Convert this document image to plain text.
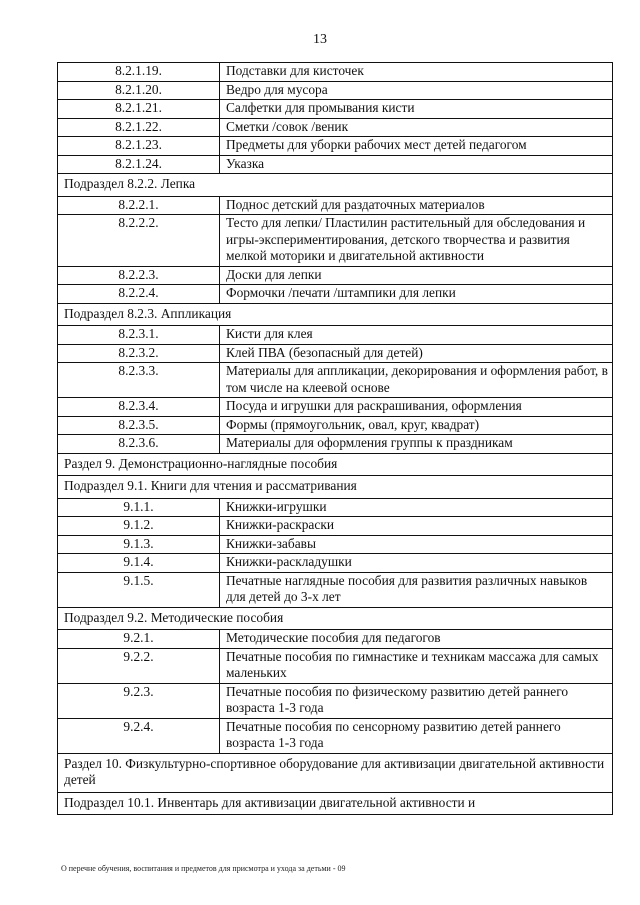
13
8.2.1.19.	Подставки для кисточек
8.2.1.20.	Ведро для мусора
8.2.1.21.	Салфетки для промывания кисти
8.2.1.22.	Сметки /совок /веник
8.2.1.23.	Предметы для уборки рабочих мест детей педагогом
8.2.1.24.	Указка
Подраздел 8.2.2. Лепка	
8.2.2.1.	Поднос детский для раздаточных материалов
8.2.2.2.	Тесто для лепки/ Пластилин растительный для обследования и игры-экспериментирования, детского творчества и развития мелкой моторики и двигательной активности
8.2.2.3.	Доски для лепки
8.2.2.4.	Формочки /печати /штампики для лепки
Подраздел 8.2.3. Аппликация	
8.2.3.1.	Кисти для клея
8.2.3.2.	Клей ПВА (безопасный для детей)
8.2.3.3.	Материалы для аппликации, декорирования и оформления работ, в том числе на клеевой основе
8.2.3.4.	Посуда и игрушки для раскрашивания, оформления
8.2.3.5.	Формы (прямоугольник, овал, круг, квадрат)
8.2.3.6.	Материалы для оформления группы к праздникам
Раздел 9. Демонстрационно-наглядные пособия	
Подраздел 9.1. Книги для чтения и рассматривания	
9.1.1.	Книжки-игрушки
9.1.2.	Книжки-раскраски
9.1.3.	Книжки-забавы
9.1.4.	Книжки-раскладушки
9.1.5.	Печатные наглядные пособия для развития различных навыков для детей до 3-х лет
Подраздел 9.2. Методические пособия	
9.2.1.	Методические пособия для педагогов
9.2.2.	Печатные пособия по гимнастике и техникам массажа для самых маленьких
9.2.3.	Печатные пособия по физическому развитию детей раннего возраста 1-3 года
9.2.4.	Печатные пособия по сенсорному развитию детей раннего возраста 1-3 года
Раздел 10. Физкультурно-спортивное оборудование для активизации двигательной активности детей	
Подраздел 10.1. Инвентарь для активизации двигательной активности и	
О перечне обучения, воспитания и предметов для присмотра и ухода за детьми - 09
